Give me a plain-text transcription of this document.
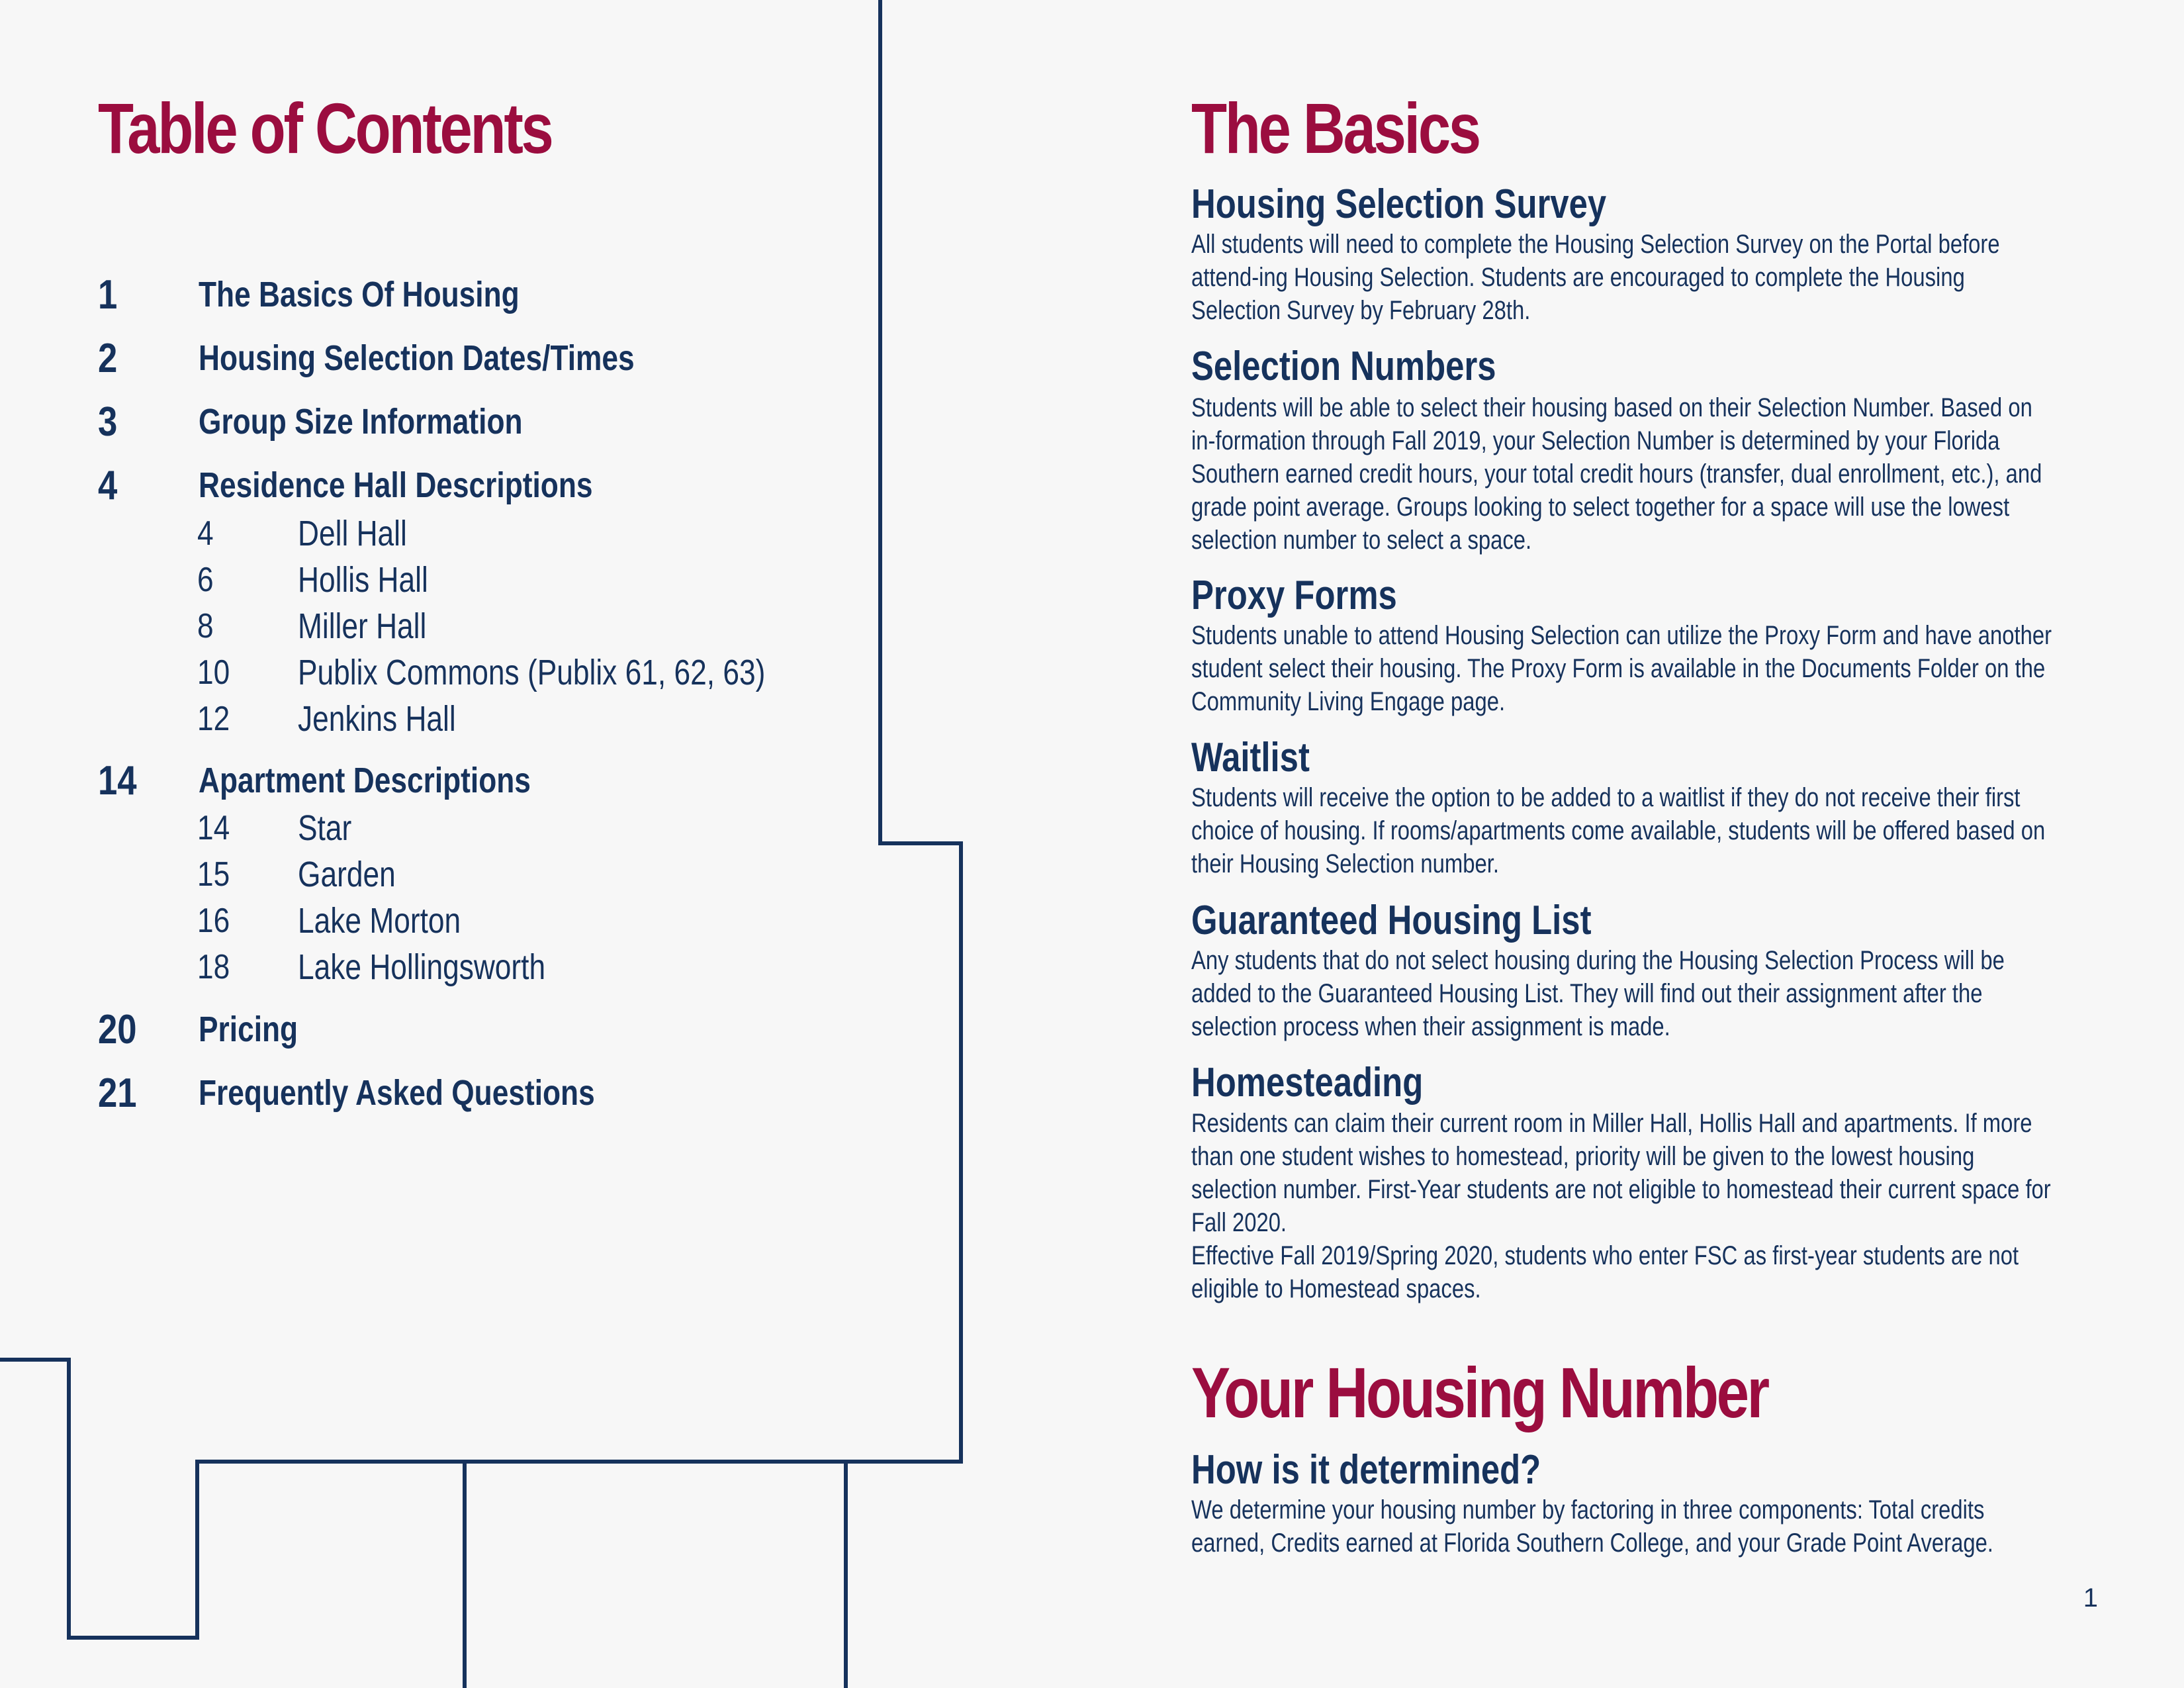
Table of Contents
1	The Basics Of Housing
2	Housing Selection Dates/Times
3	Group Size Information
4	Residence Hall Descriptions
4	Dell Hall
6	Hollis Hall
8	Miller Hall
10	Publix Commons (Publix 61, 62, 63)
12	Jenkins Hall
14	Apartment Descriptions
14	Star
15	Garden
16	Lake Morton
18	Lake Hollingsworth
20	Pricing
21	Frequently Asked Questions
The Basics
Housing Selection Survey

All students will need to complete the Housing Selection Survey on the Portal before attend-ing Housing Selection. Students are encouraged to complete the Housing Selection Survey by February 28th.

Selection Numbers

Students will be able to select their housing based on their Selection Number. Based on in-formation through Fall 2019, your Selection Number is determined by your Florida Southern earned credit hours, your total credit hours (transfer, dual enrollment, etc.), and grade point average. Groups looking to select together for a space will use the lowest selection number to select a space.

Proxy Forms

Students unable to attend Housing Selection can utilize the Proxy Form and have another student select their housing. The Proxy Form is available in the Documents Folder on the Community Living Engage page.

Waitlist

Students will receive the option to be added to a waitlist if they do not receive their first choice of housing. If rooms/apartments come available, students will be offered based on their Housing Selection number.

Guaranteed Housing List

Any students that do not select housing during the Housing Selection Process will be added to the Guaranteed Housing List. They will find out their assignment after the selection process when their assignment is made.

Homesteading

Residents can claim their current room in Miller Hall, Hollis Hall and apartments. If more than one student wishes to homestead, priority will be given to the lowest housing selection number. First-Year students are not eligible to homestead their current space for Fall 2020.

Effective Fall 2019/Spring 2020, students who enter FSC as first-year students are not eligible to Homestead spaces.

Your Housing Number
How is it determined?

We determine your housing number by factoring in three components: Total credits earned, Credits earned at Florida Southern College, and your Grade Point Average.

1
